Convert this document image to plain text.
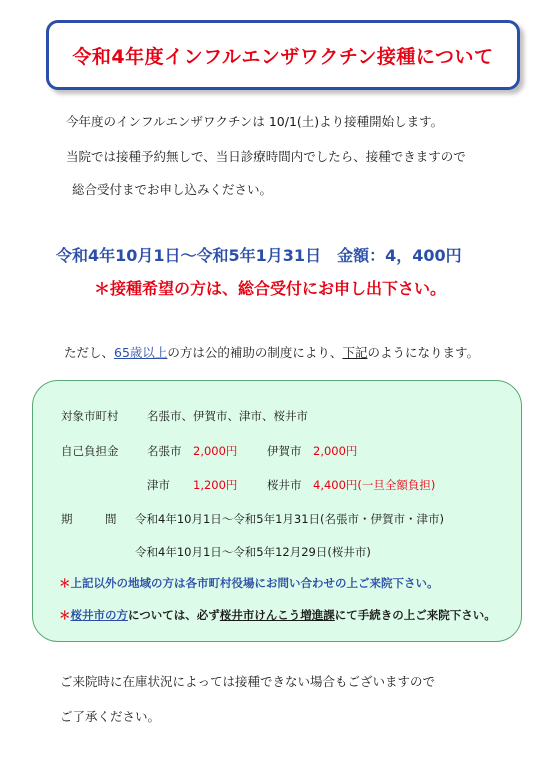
令和4年度インフルエンザワクチン接種について
今年度のインフルエンザワクチンは 10/1(土)より接種開始します。
当院では接種予約無しで、当日診療時間内でしたら、接種できますので
総合受付までお申し込みください。
令和4年10月1日～令和5年1月31日　金額：4，400円
＊接種希望の方は、総合受付にお申し出下さい。
ただし、65歳以上の方は公的補助の制度により、下記のようになります。
対象市町村 名張市、伊賀市、津市、桜井市
自己負担金 名張市 2,000円	伊賀市 2,000円
津市 1,200円	桜井市 4,400円(一旦全額負担)
期	間 令和4年10月1日～令和5年1月31日(名張市・伊賀市・津市)
令和4年10月1日～令和5年12月29日(桜井市)
＊上記以外の地域の方は各市町村役場にお問い合わせの上ご来院下さい。
＊桜井市の方については、必ず桜井市けんこう増進課にて手続きの上ご来院下さい。
ご来院時に在庫状況によっては接種できない場合もございますので
ご了承ください。
